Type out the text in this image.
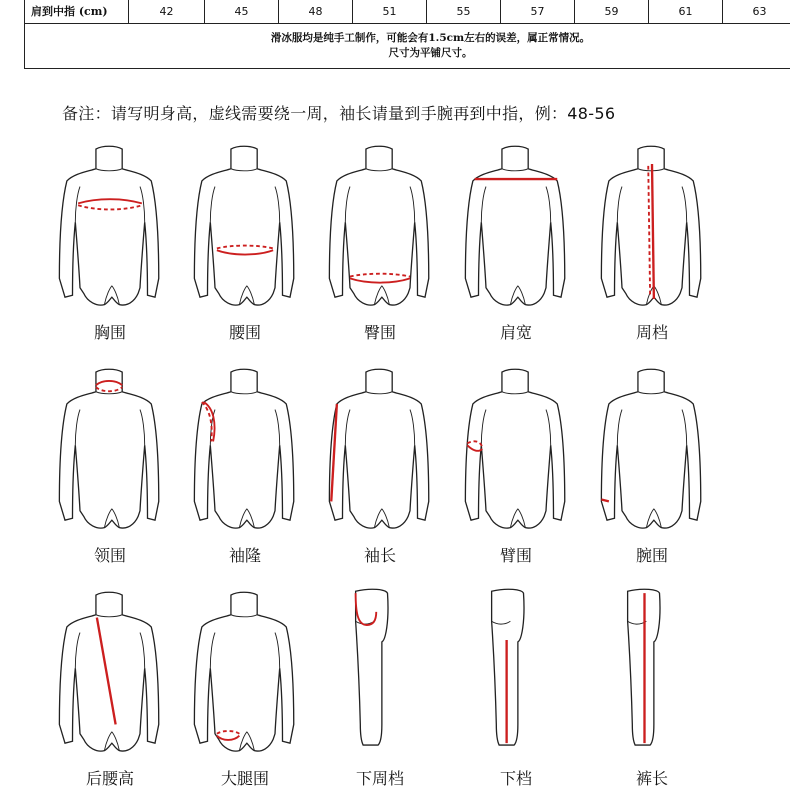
肩到中指 (cm)	42	45	48	51	55	57	59	61	63	

滑冰服均是纯手工制作，可能会有1.5cm左右的误差，属正常情况。
尺寸为平铺尺寸。
备注：请写明身高，虚线需要绕一周，袖长请量到手腕再到中指，例：48-56
胸围	腰围	臀围	肩宽	周档
领围	袖隆	袖长	臂围	腕围
后腰高	大腿围	下周档	下档	裤长
